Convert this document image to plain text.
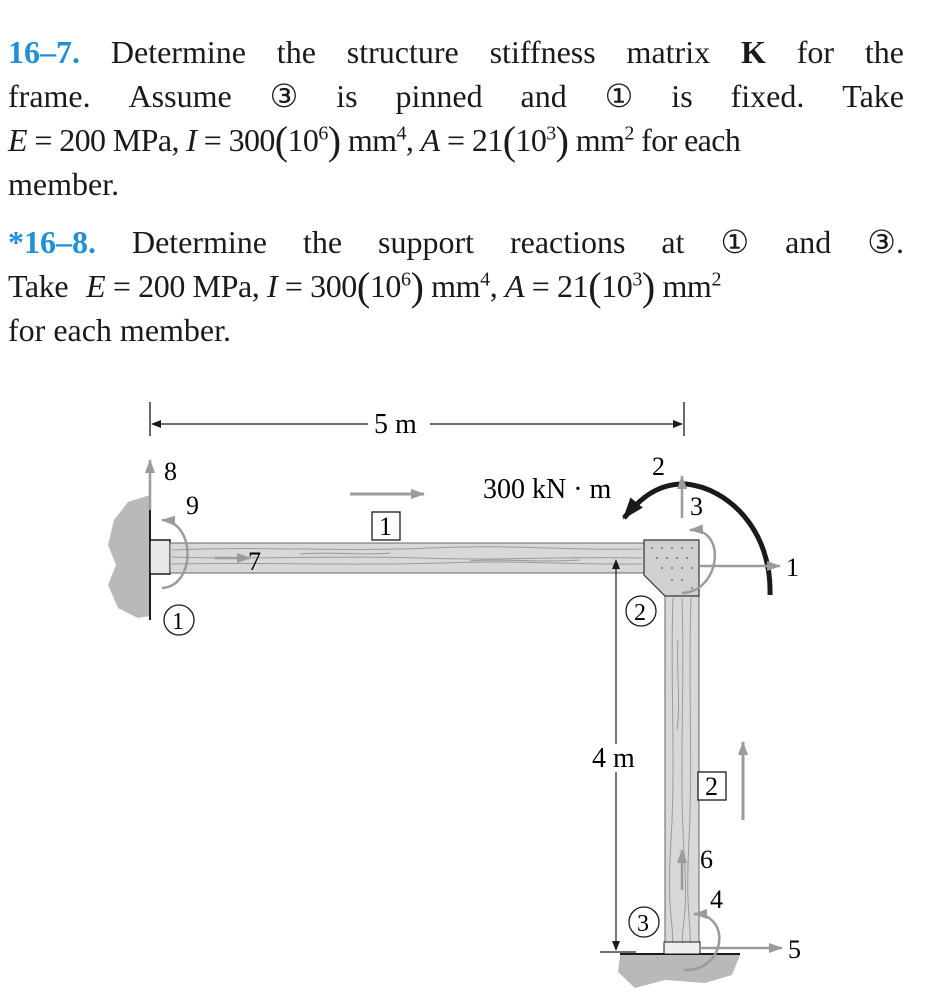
16–7. Determine the structure stiffness matrix K for the
frame. Assume ③ is pinned and ① is fixed. Take
E = 200 MPa, $I = 300(10^6)$ $mm^4$, $A = 21(10^3)$ $mm^2$ for each
member.
*16–8. Determine the support reactions at ① and ③.
Take E = 200 MPa, $I = 300(10^6)$ $mm^4$, $A = 21(10^3)$ $mm^2$
for each member.
5 m
4 m
300 kN · m
1
2
1	2
3
8
9
7
2
3
1
6
4
5
